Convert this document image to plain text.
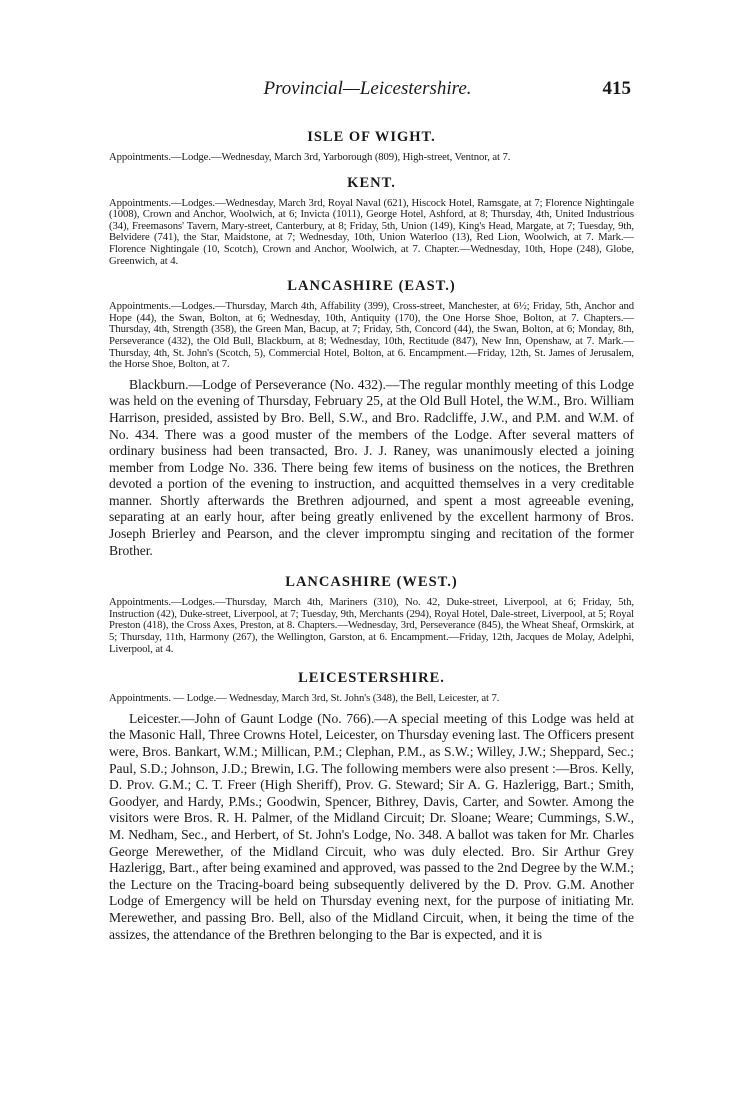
Provincial—Leicestershire.	415
ISLE OF WIGHT.

Appointments.—Lodge.—Wednesday, March 3rd, Yarborough (809), High-street, Ventnor, at 7.

KENT.

Appointments.—Lodges.—Wednesday, March 3rd, Royal Naval (621), Hiscock Hotel, Ramsgate, at 7; Florence Nightingale (1008), Crown and Anchor, Woolwich, at 6; Invicta (1011), George Hotel, Ashford, at 8; Thursday, 4th, United Industrious (34), Freemasons' Tavern, Mary-street, Canterbury, at 8; Friday, 5th, Union (149), King's Head, Margate, at 7; Tuesday, 9th, Belvidere (741), the Star, Maidstone, at 7; Wednesday, 10th, Union Waterloo (13), Red Lion, Woolwich, at 7. Mark.—Florence Nightingale (10, Scotch), Crown and Anchor, Woolwich, at 7. Chapter.—Wednesday, 10th, Hope (248), Globe, Greenwich, at 4.

LANCASHIRE (EAST.)

Appointments.—Lodges.—Thursday, March 4th, Affability (399), Cross-street, Manchester, at 6½; Friday, 5th, Anchor and Hope (44), the Swan, Bolton, at 6; Wednesday, 10th, Antiquity (170), the One Horse Shoe, Bolton, at 7. Chapters.—Thursday, 4th, Strength (358), the Green Man, Bacup, at 7; Friday, 5th, Concord (44), the Swan, Bolton, at 6; Monday, 8th, Perseverance (432), the Old Bull, Blackburn, at 8; Wednesday, 10th, Rectitude (847), New Inn, Openshaw, at 7. Mark.—Thursday, 4th, St. John's (Scotch, 5), Commercial Hotel, Bolton, at 6. Encampment.—Friday, 12th, St. James of Jerusalem, the Horse Shoe, Bolton, at 7.

Blackburn.—Lodge of Perseverance (No. 432).—The regular monthly meeting of this Lodge was held on the evening of Thursday, February 25, at the Old Bull Hotel, the W.M., Bro. William Harrison, presided, assisted by Bro. Bell, S.W., and Bro. Radcliffe, J.W., and P.M. and W.M. of No. 434. There was a good muster of the members of the Lodge. After several matters of ordinary business had been transacted, Bro. J. J. Raney, was unanimously elected a joining member from Lodge No. 336. There being few items of business on the notices, the Brethren devoted a portion of the evening to instruction, and acquitted themselves in a very creditable manner. Shortly afterwards the Brethren adjourned, and spent a most agreeable evening, separating at an early hour, after being greatly enlivened by the excellent harmony of Bros. Joseph Brierley and Pearson, and the clever impromptu singing and recitation of the former Brother.

LANCASHIRE (WEST.)

Appointments.—Lodges.—Thursday, March 4th, Mariners (310), No. 42, Duke-street, Liverpool, at 6; Friday, 5th, Instruction (42), Duke-street, Liverpool, at 7; Tuesday, 9th, Merchants (294), Royal Hotel, Dale-street, Liverpool, at 5; Royal Preston (418), the Cross Axes, Preston, at 8. Chapters.—Wednesday, 3rd, Perseverance (845), the Wheat Sheaf, Ormskirk, at 5; Thursday, 11th, Harmony (267), the Wellington, Garston, at 6. Encampment.—Friday, 12th, Jacques de Molay, Adelphi, Liverpool, at 4.

LEICESTERSHIRE.

Appointments. — Lodge.— Wednesday, March 3rd, St. John's (348), the Bell, Leicester, at 7.

Leicester.—John of Gaunt Lodge (No. 766).—A special meeting of this Lodge was held at the Masonic Hall, Three Crowns Hotel, Leicester, on Thursday evening last. The Officers present were, Bros. Bankart, W.M.; Millican, P.M.; Clephan, P.M., as S.W.; Willey, J.W.; Sheppard, Sec.; Paul, S.D.; Johnson, J.D.; Brewin, I.G. The following members were also present :—Bros. Kelly, D. Prov. G.M.; C. T. Freer (High Sheriff), Prov. G. Steward; Sir A. G. Hazlerigg, Bart.; Smith, Goodyer, and Hardy, P.Ms.; Goodwin, Spencer, Bithrey, Davis, Carter, and Sowter. Among the visitors were Bros. R. H. Palmer, of the Midland Circuit; Dr. Sloane; Weare; Cummings, S.W., M. Nedham, Sec., and Herbert, of St. John's Lodge, No. 348. A ballot was taken for Mr. Charles George Merewether, of the Midland Circuit, who was duly elected. Bro. Sir Arthur Grey Hazlerigg, Bart., after being examined and approved, was passed to the 2nd Degree by the W.M.; the Lecture on the Tracing-board being subsequently delivered by the D. Prov. G.M. Another Lodge of Emergency will be held on Thursday evening next, for the purpose of initiating Mr. Merewether, and passing Bro. Bell, also of the Midland Circuit, when, it being the time of the assizes, the attendance of the Brethren belonging to the Bar is expected, and it is
